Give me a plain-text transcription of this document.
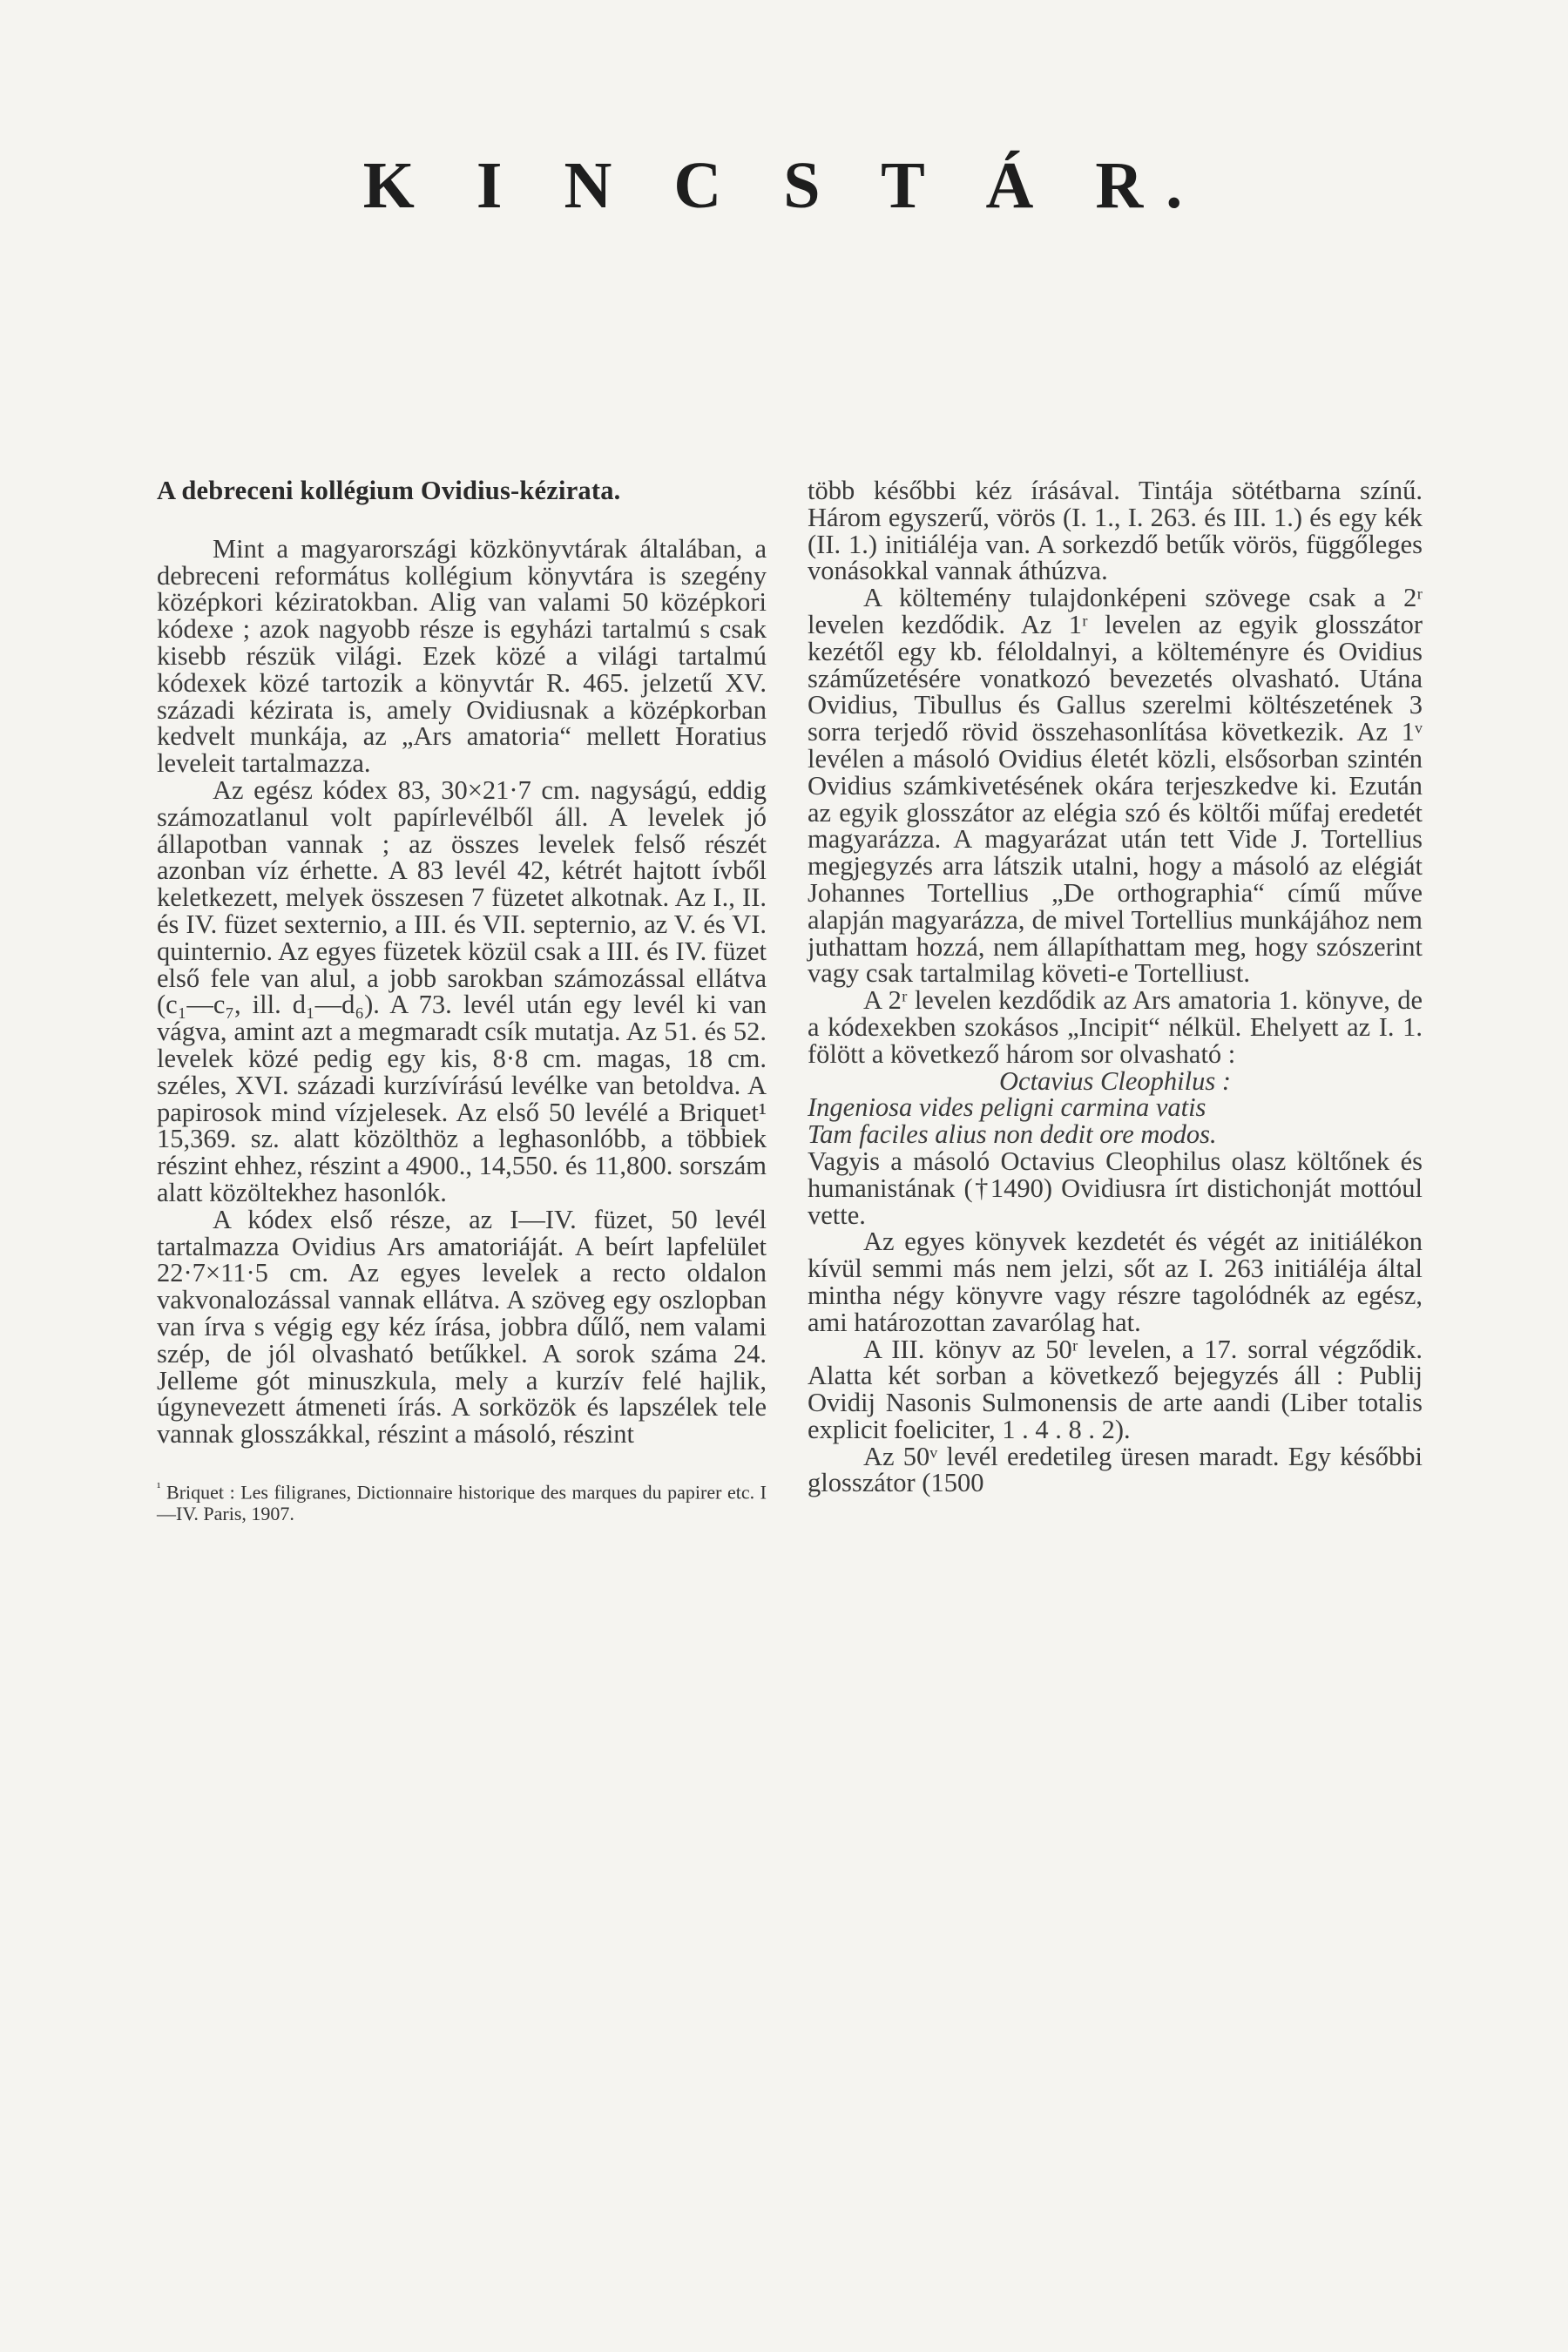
K I N C S T Á R.
A debreceni kollégium Ovidius-kézirata.

Mint a magyarországi közkönyvtárak általában, a debreceni református kollégium könyvtára is szegény középkori kéziratokban. Alig van valami 50 középkori kódexe ; azok nagyobb része is egyházi tartalmú s csak kisebb részük világi. Ezek közé a világi tartalmú kódexek közé tartozik a könyvtár R. 465. jelzetű XV. századi kézirata is, amely Ovidiusnak a középkorban kedvelt munkája, az „Ars amatoria“ mellett Horatius leveleit tartalmazza.

Az egész kódex 83, 30×21·7 cm. nagyságú, eddig számozatlanul volt papírlevélből áll. A levelek jó állapotban vannak ; az összes levelek felső részét azonban víz érhette. A 83 levél 42, kétrét hajtott ívből keletkezett, melyek összesen 7 füzetet alkotnak. Az I., II. és IV. füzet sexternio, a III. és VII. septernio, az V. és VI. quinternio. Az egyes füzetek közül csak a III. és IV. füzet első fele van alul, a jobb sarokban számozással ellátva (c₁—c₇, ill. d₁—d₆). A 73. levél után egy levél ki van vágva, amint azt a megmaradt csík mutatja. Az 51. és 52. levelek közé pedig egy kis, 8·8 cm. magas, 18 cm. széles, XVI. századi kurzívírású levélke van betoldva. A papirosok mind vízjelesek. Az első 50 levélé a Briquet¹ 15,369. sz. alatt közölthöz a leghasonlóbb, a többiek részint ehhez, részint a 4900., 14,550. és 11,800. sorszám alatt közöltekhez hasonlók.

A kódex első része, az I—IV. füzet, 50 levél tartalmazza Ovidius Ars amatoriáját. A beírt lapfelület 22·7×11·5 cm. Az egyes levelek a recto oldalon vakvonalozással vannak ellátva. A szöveg egy oszlopban van írva s végig egy kéz írása, jobbra dűlő, nem valami szép, de jól olvasható betűkkel. A sorok száma 24. Jelleme gót minuszkula, mely a kurzív felé hajlik, úgynevezett átmeneti írás. A sorközök és lapszélek tele vannak glosszákkal, részint a másoló, részint

$^{^1}$ Briquet : Les filigranes, Dictionnaire historique des marques du papirer etc. I—IV. Paris, 1907.

több későbbi kéz írásával. Tintája sötétbarna színű. Három egyszerű, vörös (I. 1., I. 263. és III. 1.) és egy kék (II. 1.) initiáléja van. A sorkezdő betűk vörös, függőleges vonásokkal vannak áthúzva.

A költemény tulajdonképeni szövege csak a 2ʳ levelen kezdődik. Az 1ʳ levelen az egyik glosszátor kezétől egy kb. féloldalnyi, a költeményre és Ovidius száműzetésére vonatkozó bevezetés olvasható. Utána Ovidius, Tibullus és Gallus szerelmi költészetének 3 sorra terjedő rövid összehasonlítása következik. Az 1ᵛ levélen a másoló Ovidius életét közli, elsősorban szintén Ovidius számkivetésének okára terjeszkedve ki. Ezután az egyik glosszátor az elégia szó és költői műfaj eredetét magyarázza. A magyarázat után tett Vide J. Tortellius megjegyzés arra látszik utalni, hogy a másoló az elégiát Johannes Tortellius „De orthographia“ című műve alapján magyarázza, de mivel Tortellius munkájához nem juthattam hozzá, nem állapíthattam meg, hogy szószerint vagy csak tartalmilag követi-e Tortelliust.

A 2ʳ levelen kezdődik az Ars amatoria 1. könyve, de a kódexekben szokásos „Incipit“ nélkül. Ehelyett az I. 1. fölött a következő három sor olvasható :

Octavius Cleophilus :

Ingeniosa vides peligni carmina vatis

Tam faciles alius non dedit ore modos.

Vagyis a másoló Octavius Cleophilus olasz költőnek és humanistának (†1490) Ovidiusra írt distichonját mottóul vette.

Az egyes könyvek kezdetét és végét az initiálékon kívül semmi más nem jelzi, sőt az I. 263 initiáléja által mintha négy könyvre vagy részre tagolódnék az egész, ami határozottan zavarólag hat.

A III. könyv az 50ʳ levelen, a 17. sorral végződik. Alatta két sorban a következő bejegyzés áll : Publij Ovidij Nasonis Sulmonensis de arte aandi (Liber totalis explicit foeliciter, 1 . 4 . 8 . 2).

Az 50ᵛ levél eredetileg üresen maradt. Egy későbbi glosszátor (1500
